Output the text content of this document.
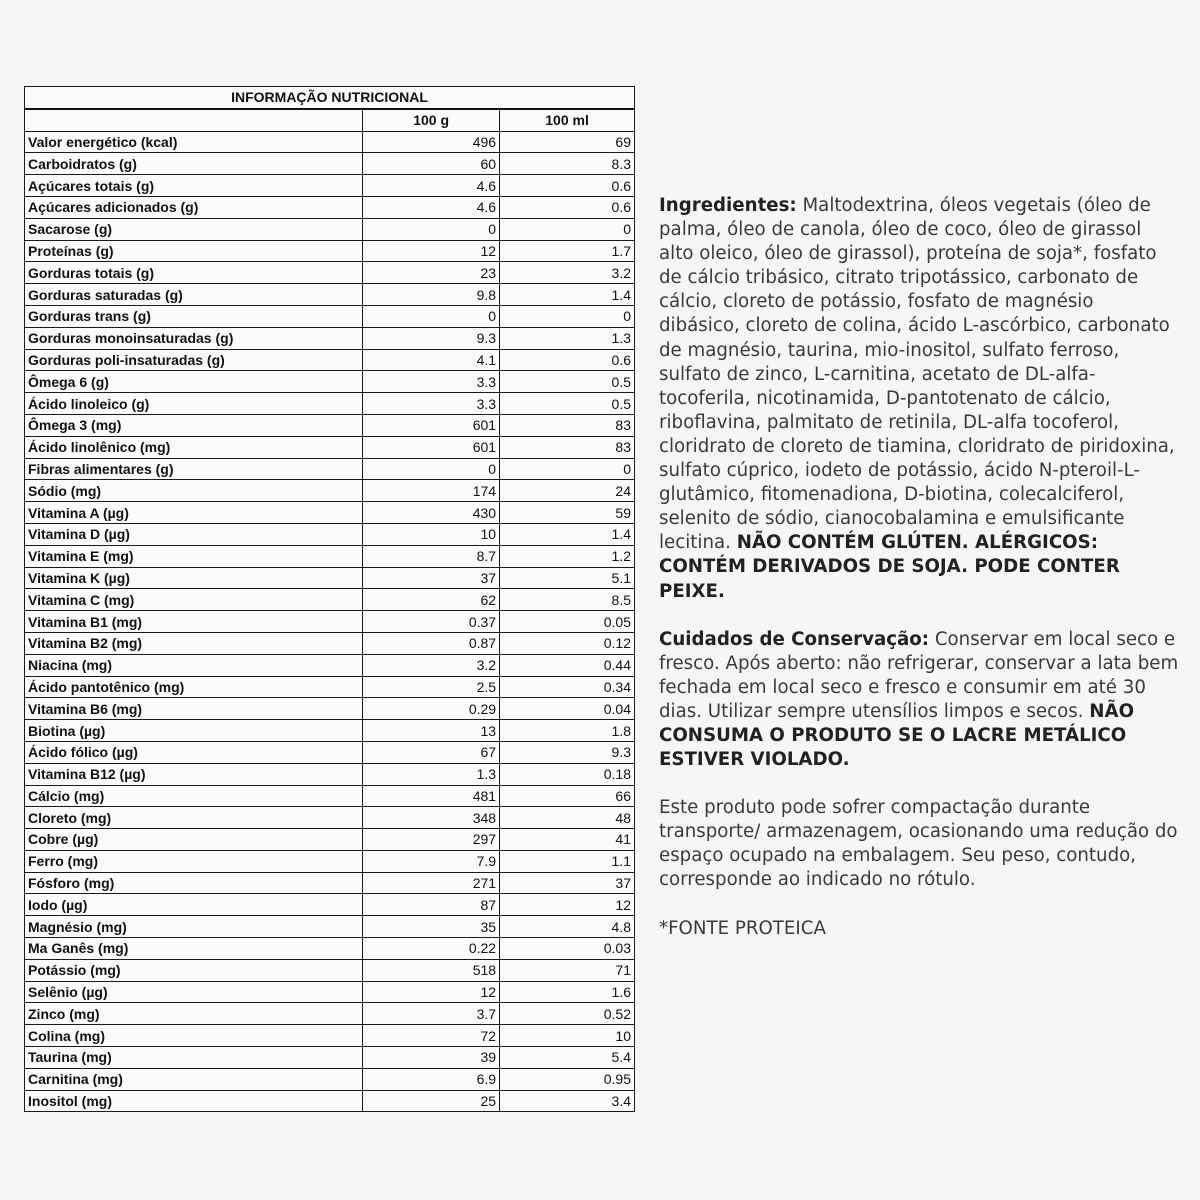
INFORMAÇÃO NUTRICIONAL		
	100 g	100 ml
Valor energético (kcal)	496	69
Carboidratos (g)	60	8.3
Açúcares totais (g)	4.6	0.6
Açúcares adicionados (g)	4.6	0.6
Sacarose (g)	0	0
Proteínas (g)	12	1.7
Gorduras totais (g)	23	3.2
Gorduras saturadas (g)	9.8	1.4
Gorduras trans (g)	0	0
Gorduras monoinsaturadas (g)	9.3	1.3
Gorduras poli-insaturadas (g)	4.1	0.6
Ômega 6 (g)	3.3	0.5
Ácido linoleico (g)	3.3	0.5
Ômega 3 (mg)	601	83
Ácido linolênico (mg)	601	83
Fibras alimentares (g)	0	0
Sódio (mg)	174	24
Vitamina A (µg)	430	59
Vitamina D (µg)	10	1.4
Vitamina E (mg)	8.7	1.2
Vitamina K (µg)	37	5.1
Vitamina C (mg)	62	8.5
Vitamina B1 (mg)	0.37	0.05
Vitamina B2 (mg)	0.87	0.12
Niacina (mg)	3.2	0.44
Ácido pantotênico (mg)	2.5	0.34
Vitamina B6 (mg)	0.29	0.04
Biotina (µg)	13	1.8
Ácido fólico (µg)	67	9.3
Vitamina B12 (µg)	1.3	0.18
Cálcio (mg)	481	66
Cloreto (mg)	348	48
Cobre (µg)	297	41
Ferro (mg)	7.9	1.1
Fósforo (mg)	271	37
Iodo (µg)	87	12
Magnésio (mg)	35	4.8
Ma Ganês (mg)	0.22	0.03
Potássio (mg)	518	71
Selênio (µg)	12	1.6
Zinco (mg)	3.7	0.52
Colina (mg)	72	10
Taurina (mg)	39	5.4
Carnitina (mg)	6.9	0.95
Inositol (mg)	25	3.4

Ingredientes: Maltodextrina, óleos vegetais (óleo de palma, óleo de canola, óleo de coco, óleo de girassol alto oleico, óleo de girassol), proteína de soja*, fosfato de cálcio tribásico, citrato tripotássico, carbonato de cálcio, cloreto de potássio, fosfato de magnésio dibásico, cloreto de colina, ácido L-ascórbico, carbonato de magnésio, taurina, mio-inositol, sulfato ferroso, sulfato de zinco, L-carnitina, acetato de DL-alfa- tocoferila, nicotinamida, D-pantotenato de cálcio, riboflavina, palmitato de retinila, DL-alfa tocoferol, cloridrato de cloreto de tiamina, cloridrato de piridoxina, sulfato cúprico, iodeto de potássio, ácido N-pteroil-L-glutâmico, fitomenadiona, D-biotina, colecalciferol, selenito de sódio, cianocobalamina e emulsificante lecitina. NÃO CONTÉM GLÚTEN. ALÉRGICOS: CONTÉM DERIVADOS DE SOJA. PODE CONTER PEIXE.

Cuidados de Conservação: Conservar em local seco e fresco. Após aberto: não refrigerar, conservar a lata bem fechada em local seco e fresco e consumir em até 30 dias. Utilizar sempre utensílios limpos e secos. NÃO CONSUMA O PRODUTO SE O LACRE METÁLICO ESTIVER VIOLADO.

Este produto pode sofrer compactação durante transporte/ armazenagem, ocasionando uma redução do espaço ocupado na embalagem. Seu peso, contudo, corresponde ao indicado no rótulo.

*FONTE PROTEICA
